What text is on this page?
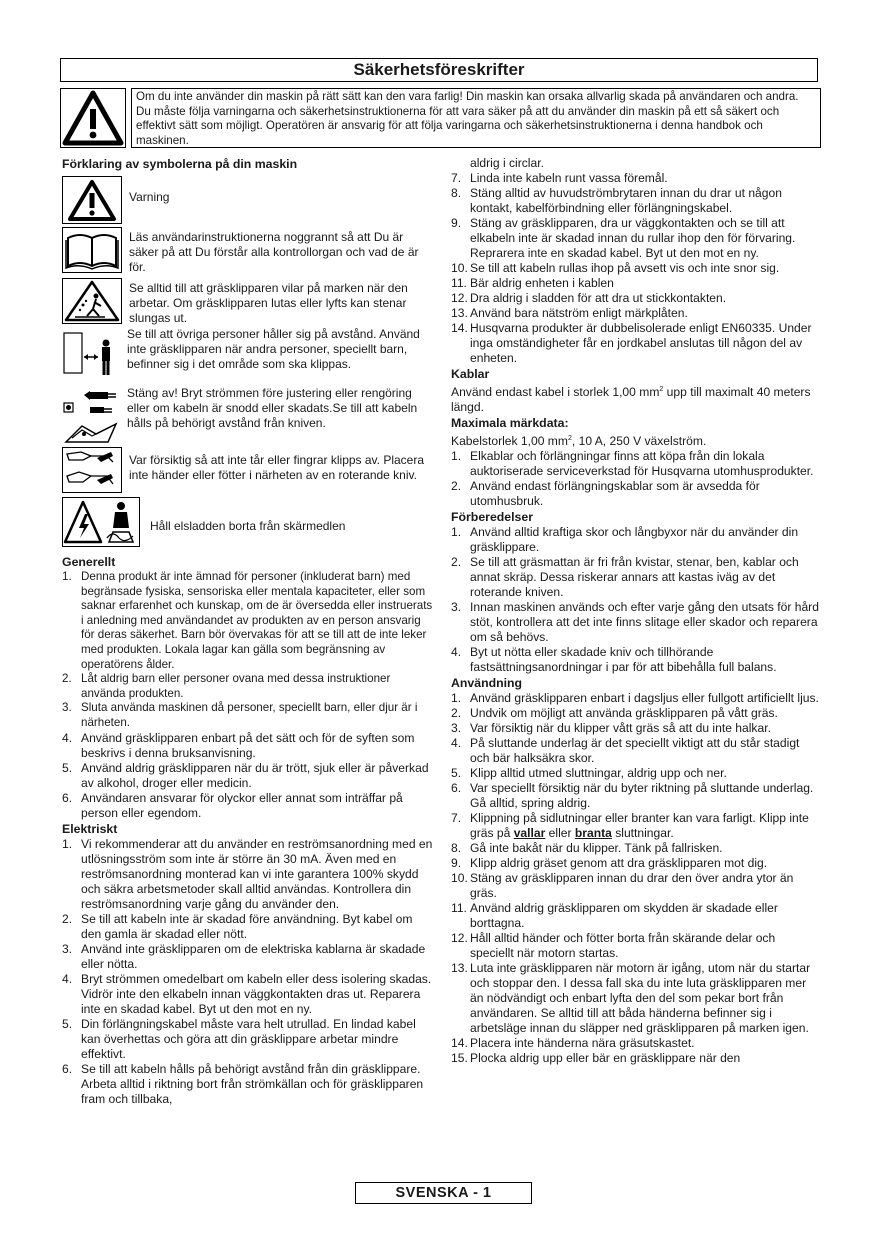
Säkerhetsföreskrifter
Om du inte använder din maskin på rätt sätt kan den vara farlig! Din maskin kan orsaka allvarlig skada på användaren och andra. Du måste följa varningarna och säkerhetsinstruktionerna för att vara säker på att du använder din maskin på ett så säkert och effektivt sätt som möjligt. Operatören är ansvarig för att följa varingarna och säkerhetsinstruktionerna i denna handbok och maskinen.
Förklaring av symbolerna på din maskin
Varning
Läs användarinstruktionerna noggrannt så att Du är säker på att Du förstår alla kontrollorgan och vad de är för.
Se alltid till att gräsklipparen vilar på marken när den arbetar. Om gräsklipparen lutas eller lyfts kan stenar slungas ut.
Se till att övriga personer håller sig på avstånd. Använd inte gräsklipparen när andra personer, speciellt barn, befinner sig i det område som ska klippas.
Stäng av! Bryt strömmen före justering eller rengöring eller om kabeln är snodd eller skadats.Se till att kabeln hålls på behörigt avstånd från kniven.
Var försiktig så att inte tår eller fingrar klipps av. Placera inte händer eller fötter i närheten av en roterande kniv.
Håll elsladden borta från skärmedlen
Generellt
1. Denna produkt är inte ämnad för personer (inkluderat barn) med begränsade fysiska, sensoriska eller mentala kapaciteter, eller som saknar erfarenhet och kunskap, om de är översedda eller instruerats i anledning med användandet av produkten av en person ansvarig för deras säkerhet. Barn bör övervakas för att se till att de inte leker med produkten. Lokala lagar kan gälla som begränsning av operatörens ålder.
2. Låt aldrig barn eller personer ovana med dessa instruktioner använda produkten.
3. Sluta använda maskinen då personer, speciellt barn, eller djur är i närheten.
4. Använd gräsklipparen enbart på det sätt och för de syften som beskrivs i denna bruksanvisning.
5. Använd aldrig gräsklipparen när du är trött, sjuk eller är påverkad av alkohol, droger eller medicin.
6. Användaren ansvarar för olyckor eller annat som inträffar på person eller egendom.
Elektriskt
1. Vi rekommenderar att du använder en reströmsanordning med en utlösningsström som inte är större än 30 mA. Även med en reströmsanordning monterad kan vi inte garantera 100% skydd och säkra arbetsmetoder skall alltid användas. Kontrollera din reströmsanordning varje gång du använder den.
2. Se till att kabeln inte är skadad före användning. Byt kabel om den gamla är skadad eller nött.
3. Använd inte gräsklipparen om de elektriska kablarna är skadade eller nötta.
4. Bryt strömmen omedelbart om kabeln eller dess isolering skadas. Vidrör inte den elkabeln innan väggkontakten dras ut. Reparera inte en skadad kabel. Byt ut den mot en ny.
5. Din förlängningskabel måste vara helt utrullad. En lindad kabel kan överhettas och göra att din gräsklippare arbetar mindre effektivt.
6. Se till att kabeln hålls på behörigt avstånd från din gräsklippare. Arbeta alltid i riktning bort från strömkällan och för gräsklipparen fram och tillbaka,
aldrig i circlar.
7. Linda inte kabeln runt vassa föremål.
8. Stäng alltid av huvudströmbrytaren innan du drar ut någon kontakt, kabelförbindning eller förlängningskabel.
9. Stäng av gräsklipparen, dra ur väggkontakten och se till att elkabeln inte är skadad innan du rullar ihop den för förvaring. Reprarera inte en skadad kabel. Byt ut den mot en ny.
10. Se till att kabeln rullas ihop på avsett vis och inte snor sig.
11. Bär aldrig enheten i kablen
12. Dra aldrig i sladden för att dra ut stickkontakten.
13. Använd bara nätström enligt märkplåten.
14. Husqvarna produkter är dubbelisolerade enligt EN60335. Under inga omständigheter får en jordkabel anslutas till någon del av enheten.
Kablar

Använd endast kabel i storlek 1,00 $mm^2$ upp till maximalt 40 meters längd.

Maximala märkdata:

Kabelstorlek 1,00 $mm^2$, 10 A, 250 V växelström.

1. Elkablar och förlängningar finns att köpa från din lokala auktoriserade serviceverkstad för Husqvarna utomhusprodukter.
2. Använd endast förlängningskablar som är avsedda för utomhusbruk.
Förberedelser
1. Använd alltid kraftiga skor och långbyxor när du använder din gräsklippare.
2. Se till att gräsmattan är fri från kvistar, stenar, ben, kablar och annat skräp. Dessa riskerar annars att kastas iväg av det roterande kniven.
3. Innan maskinen används och efter varje gång den utsats för hård stöt, kontrollera att det inte finns slitage eller skador och reparera om så behövs.
4. Byt ut nötta eller skadade kniv och tillhörande fastsättningsanordningar i par för att bibehålla full balans.
Användning
1. Använd gräsklipparen enbart i dagsljus eller fullgott artificiellt ljus.
2. Undvik om möjligt att använda gräsklipparen på vått gräs.
3. Var försiktig när du klipper vått gräs så att du inte halkar.
4. På sluttande underlag är det speciellt viktigt att du står stadigt och bär halksäkra skor.
5. Klipp alltid utmed sluttningar, aldrig upp och ner.
6. Var speciellt försiktig när du byter riktning på sluttande underlag. Gå alltid, spring aldrig.
7. Klippning på sidlutningar eller branter kan vara farligt. Klipp inte gräs på vallar eller branta sluttningar.
8. Gå inte bakåt när du klipper. Tänk på fallrisken.
9. Klipp aldrig gräset genom att dra gräsklipparen mot dig.
10. Stäng av gräsklipparen innan du drar den över andra ytor än gräs.
11. Använd aldrig gräsklipparen om skydden är skadade eller borttagna.
12. Håll alltid händer och fötter borta från skärande delar och speciellt när motorn startas.
13. Luta inte gräsklipparen när motorn är igång, utom när du startar och stoppar den. I dessa fall ska du inte luta gräsklipparen mer än nödvändigt och enbart lyfta den del som pekar bort från användaren. Se alltid till att båda händerna befinner sig i arbetsläge innan du släpper ned gräsklipparen på marken igen.
14. Placera inte händerna nära gräsutskastet.
15. Plocka aldrig upp eller bär en gräsklippare när den
SVENSKA - 1
